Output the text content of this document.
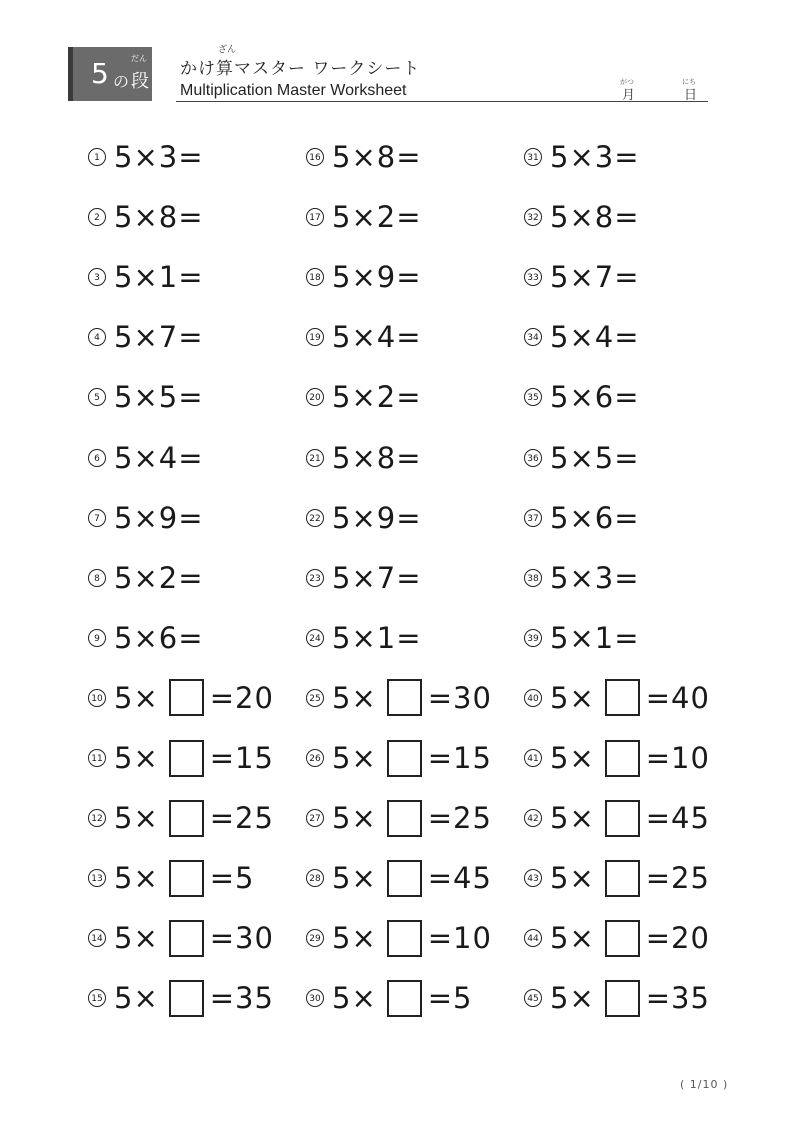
だん
5 の 段
ざん
かけ算マスター ワークシート
Multiplication Master Worksheet	がつ	にち
月	日
1 5×3=
2 5×8=
3 5×1=
4 5×7=
5 5×5=
6 5×4=
7 5×9=
8 5×2=
9 5×6=
10 5× =20
11 5× =15
12 5× =25
13 5× =5
14 5× =30
15 5× =35
16 5×8=
17 5×2=
18 5×9=
19 5×4=
20 5×2=
21 5×8=
22 5×9=
23 5×7=
24 5×1=
25 5× =30
26 5× =15
27 5× =25
28 5× =45
29 5× =10
30 5× =5
31 5×3=
32 5×8=
33 5×7=
34 5×4=
35 5×6=
36 5×5=
37 5×6=
38 5×3=
39 5×1=
40 5× =40
41 5× =10
42 5× =45
43 5× =25
44 5× =20
45 5× =35
( 1/10 )
